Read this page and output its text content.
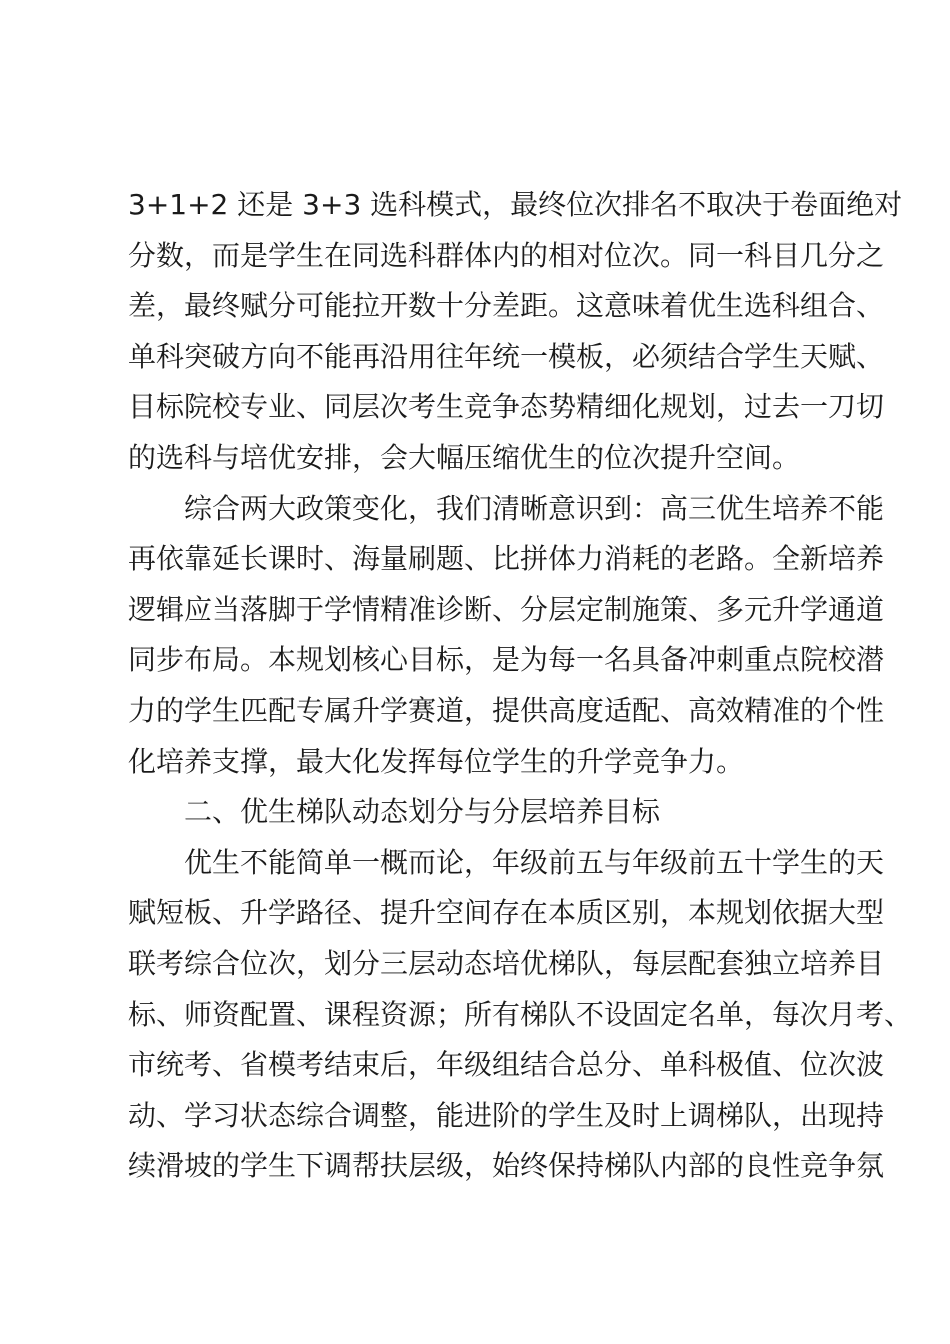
3+1+2 还是 3+3 选科模式，最终位次排名不取决于卷面绝对
分数，而是学生在同选科群体内的相对位次。同一科目几分之
差，最终赋分可能拉开数十分差距。这意味着优生选科组合、
单科突破方向不能再沿用往年统一模板，必须结合学生天赋、
目标院校专业、同层次考生竞争态势精细化规划，过去一刀切
的选科与培优安排，会大幅压缩优生的位次提升空间。
综合两大政策变化，我们清晰意识到：高三优生培养不能
再依靠延长课时、海量刷题、比拼体力消耗的老路。全新培养
逻辑应当落脚于学情精准诊断、分层定制施策、多元升学通道
同步布局。本规划核心目标，是为每一名具备冲刺重点院校潜
力的学生匹配专属升学赛道，提供高度适配、高效精准的个性
化培养支撑，最大化发挥每位学生的升学竞争力。
二、优生梯队动态划分与分层培养目标
优生不能简单一概而论，年级前五与年级前五十学生的天
赋短板、升学路径、提升空间存在本质区别，本规划依据大型
联考综合位次，划分三层动态培优梯队，每层配套独立培养目
标、师资配置、课程资源；所有梯队不设固定名单，每次月考、
市统考、省模考结束后，年级组结合总分、单科极值、位次波
动、学习状态综合调整，能进阶的学生及时上调梯队，出现持
续滑坡的学生下调帮扶层级，始终保持梯队内部的良性竞争氛
